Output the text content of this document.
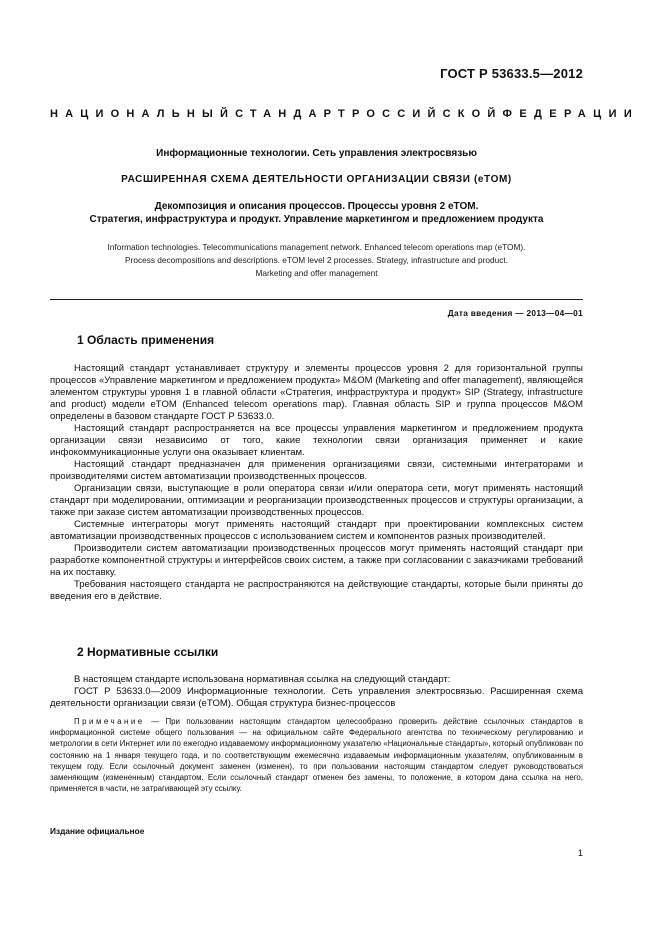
ГОСТ Р 53633.5—2012
НАЦИОНАЛЬНЫЙ СТАНДАРТ РОССИЙСКОЙ ФЕДЕРАЦИИ
Информационные технологии. Сеть управления электросвязью
РАСШИРЕННАЯ СХЕМА ДЕЯТЕЛЬНОСТИ ОРГАНИЗАЦИИ СВЯЗИ (eTOM)
Декомпозиция и описания процессов. Процессы уровня 2 eTOM.
Стратегия, инфраструктура и продукт. Управление маркетингом и предложением продукта
Information technologies. Telecommunications management network. Enhanced telecom operations map (eTOM).
Process decompositions and descriptions. eTOM level 2 processes. Strategy, infrastructure and product.
Marketing and offer management
Дата введения — 2013—04—01
1 Область применения

Настоящий стандарт устанавливает структуру и элементы процессов уровня 2 для горизонтальной группы процессов «Управление маркетингом и предложением продукта» M&OM (Marketing and offer management), являющейся элементом структуры уровня 1 в главной области «Стратегия, инфраструктура и продукт» SIP (Strategy, infrastructure and product) модели eTOM (Enhanced telecom operations map). Главная область SIP и группа процессов M&OM определены в базовом стандарте ГОСТ Р 53633.0.

Настоящий стандарт распространяется на все процессы управления маркетингом и предложением продукта организации связи независимо от того, какие технологии связи организация применяет и какие инфокоммуникационные услуги она оказывает клиентам.

Настоящий стандарт предназначен для применения организациями связи, системными интеграторами и производителями систем автоматизации производственных процессов.

Организации связи, выступающие в роли оператора связи и/или оператора сети, могут применять настоящий стандарт при моделировании, оптимизации и реорганизации производственных процессов и структуры организации, а также при заказе систем автоматизации производственных процессов.

Системные интеграторы могут применять настоящий стандарт при проектировании комплексных систем автоматизации производственных процессов с использованием систем и компонентов разных производителей.

Производители систем автоматизации производственных процессов могут применять настоящий стандарт при разработке компонентной структуры и интерфейсов своих систем, а также при согласовании с заказчиками требований на их поставку.

Требования настоящего стандарта не распространяются на действующие стандарты, которые были приняты до введения его в действие.

2 Нормативные ссылки

В настоящем стандарте использована нормативная ссылка на следующий стандарт:

ГОСТ Р 53633.0—2009 Информационные технологии. Сеть управления электросвязью. Расширенная схема деятельности организации связи (eTOM). Общая структура бизнес-процессов

Примечание — При пользовании настоящим стандартом целесообразно проверить действие ссылочных стандартов в информационной системе общего пользования — на официальном сайте Федерального агентства по техническому регулированию и метрологии в сети Интернет или по ежегодно издаваемому информационному указателю «Национальные стандарты», который опубликован по состоянию на 1 января текущего года, и по соответствующим ежемесячно издаваемым информационным указателям, опубликованным в текущем году. Если ссылочный документ заменен (изменен), то при пользовании настоящим стандартом следует руководствоваться заменяющим (измененным) стандартом. Если ссылочный стандарт отменен без замены, то положение, в котором дана ссылка на него, применяется в части, не затрагивающей эту ссылку.

Издание официальное
1
